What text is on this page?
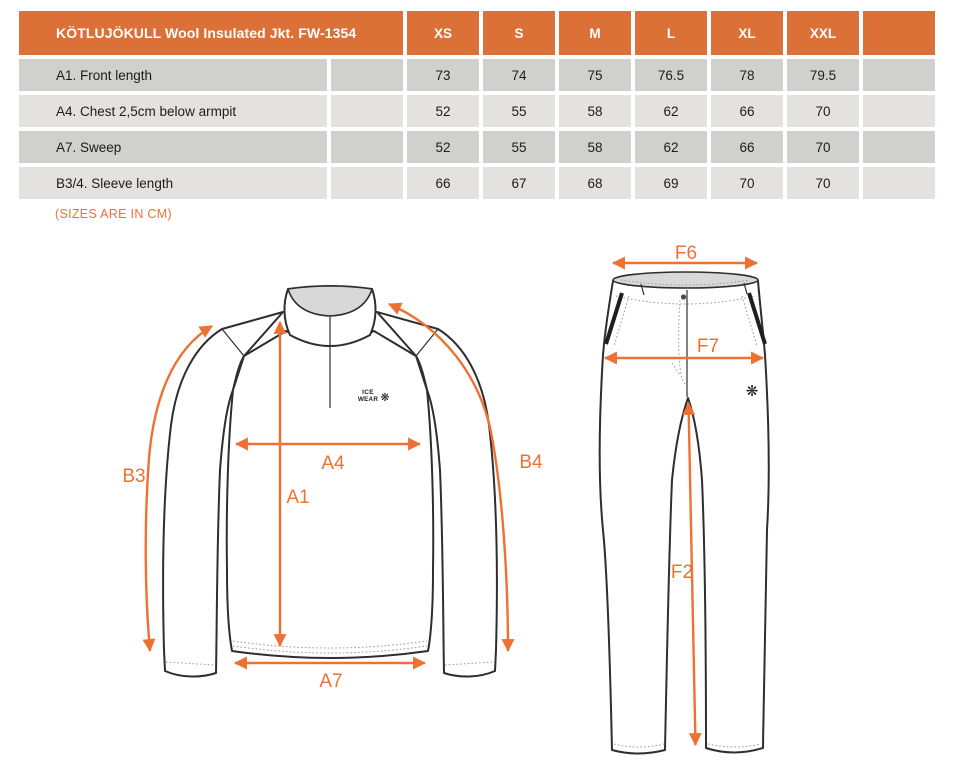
KÖTLUJÖKULL Wool Insulated Jkt. FW-1354		XS	S	M	L	XL	XXL	
A1. Front length		73	74	75	76.5	78	79.5	
A4. Chest 2,5cm below armpit		52	55	58	62	66	70	
A7. Sweep		52	55	58	62	66	70	
B3/4. Sleeve length		66	67	68	69	70	70	
(SIZES ARE IN CM)
ICE
WEAR ❋
A4
A1
A7
B3
B4
❋
F6
F7
F2
